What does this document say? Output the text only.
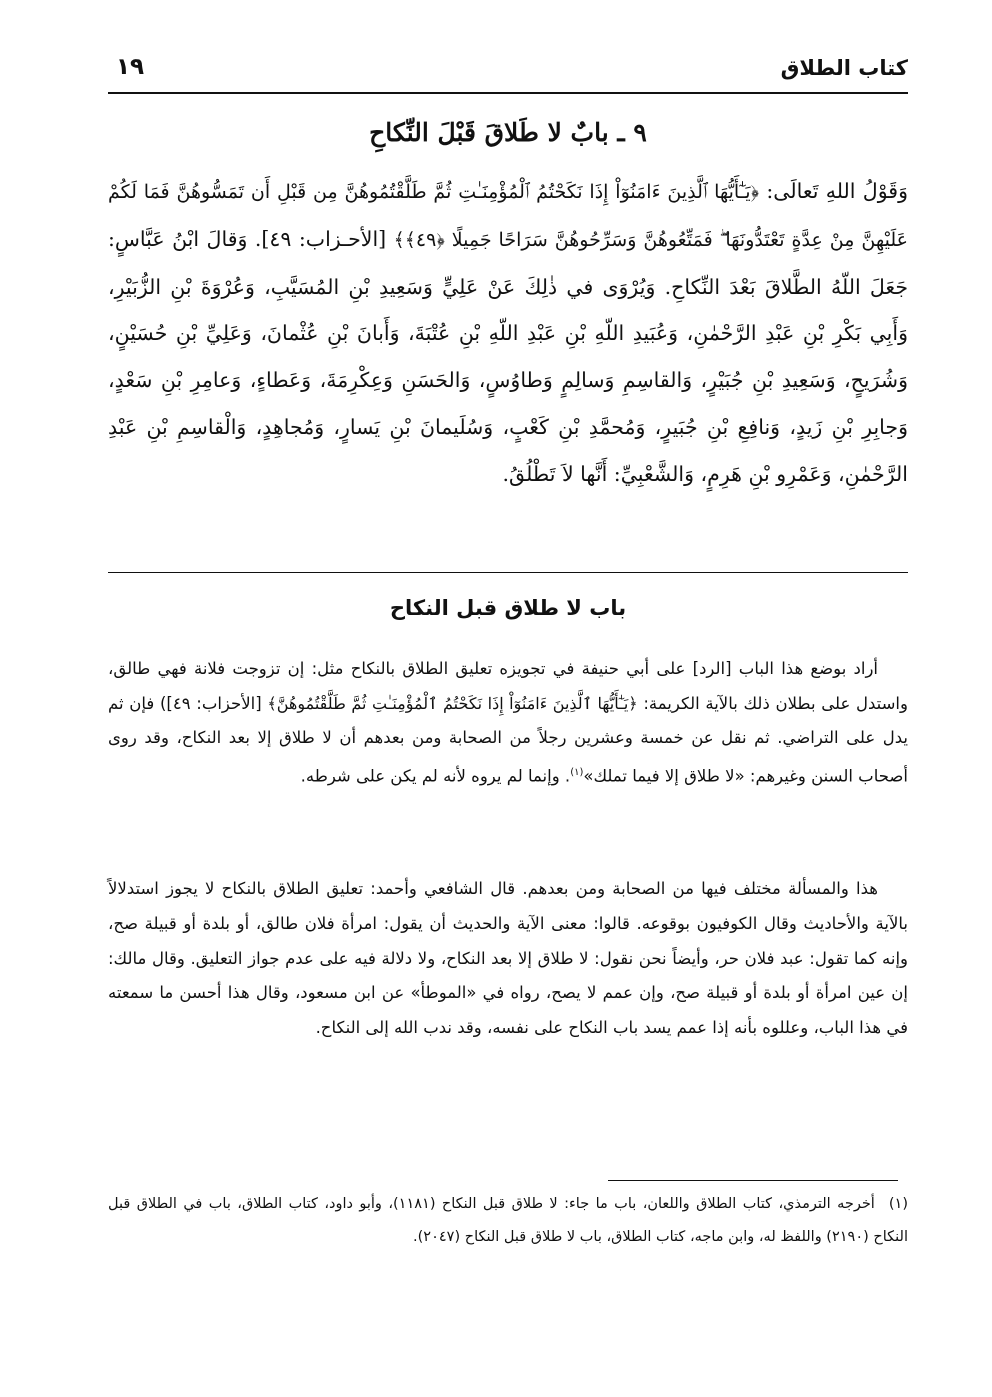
كتاب الطلاق
١٩
٩ ـ بابٌ لا طَلاقَ قَبْلَ النِّكاحِ
وَقَوْلُ اللهِ تَعالَى: ﴿يَـٰٓأَيُّهَا ٱلَّذِينَ ءَامَنُوٓاْ إِذَا نَكَحْتُمُ ٱلْمُؤْمِنَـٰتِ ثُمَّ طَلَّقْتُمُوهُنَّ مِن قَبْلِ أَن تَمَسُّوهُنَّ فَمَا لَكُمْ عَلَيْهِنَّ مِنْ عِدَّةٍ تَعْتَدُّونَهَا ۖ فَمَتِّعُوهُنَّ وَسَرِّحُوهُنَّ سَرَاحًا جَمِيلًا ﴿٤٩﴾﴾ [الأحـزاب: ٤٩]. وَقالَ ابْنُ عَبَّاسٍ: جَعَلَ اللّهُ الطَّلاقَ بَعْدَ النِّكاحِ. وَيُرْوَى في ذٰلِكَ عَنْ عَلِيٍّ وَسَعِيدِ بْنِ المُسَيَّبِ، وَعُرْوَةَ بْنِ الزُّبَيْرِ، وَأَبِي بَكْرِ بْنِ عَبْدِ الرَّحْمٰنِ، وَعُبَيدِ اللّهِ بْنِ عَبْدِ اللّهِ بْنِ عُتْبَةَ، وَأَبانَ بْنِ عُثْمانَ، وَعَلِيِّ بْنِ حُسَيْنٍ، وَشُرَيحٍ، وَسَعِيدِ بْنِ جُبَيْرٍ، وَالقاسِمِ وَسالِمٍ وَطاوُسٍ، وَالحَسَنِ وَعِكْرِمَةَ، وَعَطاءٍ، وَعامِرِ بْنِ سَعْدٍ، وَجابِرِ بْنِ زَيدٍ، وَنافِعِ بْنِ جُبَيرٍ، وَمُحمَّدِ بْنِ كَعْبٍ، وَسُلَيمانَ بْنِ يَسارٍ، وَمُجاهِدٍ، وَالْقاسِمِ بْنِ عَبْدِ الرَّحْمٰنِ، وَعَمْرِو بْنِ هَرِمٍ، وَالشَّعْبِيِّ: أَنَّها لاَ تَطْلُقُ.
باب لا طلاق قبل النكاح

أراد بوضع هذا الباب [الرد] على أبي حنيفة في تجويزه تعليق الطلاق بالنكاح مثل: إن تزوجت فلانة فهي طالق، واستدل على بطلان ذلك بالآية الكريمة: ﴿يَـٰٓأَيُّهَا ٱلَّذِينَ ءَامَنُوٓاْ إِذَا نَكَحْتُمُ ٱلْمُؤْمِنَـٰتِ ثُمَّ طَلَّقْتُمُوهُنَّ﴾ [الأحزاب: ٤٩]) فإن ثم يدل على التراضي. ثم نقل عن خمسة وعشرين رجلاً من الصحابة ومن بعدهم أن لا طلاق إلا بعد النكاح، وقد روى أصحاب السنن وغيرهم: «لا طلاق إلا فيما تملك»$^{(١)}$. وإنما لم يروه لأنه لم يكن على شرطه.

هذا والمسألة مختلف فيها من الصحابة ومن بعدهم. قال الشافعي وأحمد: تعليق الطلاق بالنكاح لا يجوز استدلالاً بالآية والأحاديث وقال الكوفيون بوقوعه. قالوا: معنى الآية والحديث أن يقول: امرأة فلان طالق، أو بلدة أو قبيلة صح، وإنه كما تقول: عبد فلان حر، وأيضاً نحن نقول: لا طلاق إلا بعد النكاح، ولا دلالة فيه على عدم جواز التعليق. وقال مالك: إن عين امرأة أو بلدة أو قبيلة صح، وإن عمم لا يصح، رواه في «الموطأ» عن ابن مسعود، وقال هذا أحسن ما سمعته في هذا الباب، وعللوه بأنه إذا عمم يسد باب النكاح على نفسه، وقد ندب الله إلى النكاح.

(١)أخرجه الترمذي، كتاب الطلاق واللعان، باب ما جاء: لا طلاق قبل النكاح (١١٨١)، وأبو داود، كتاب الطلاق، باب في الطلاق قبل النكاح (٢١٩٠) واللفظ له، وابن ماجه، كتاب الطلاق، باب لا طلاق قبل النكاح (٢٠٤٧).
